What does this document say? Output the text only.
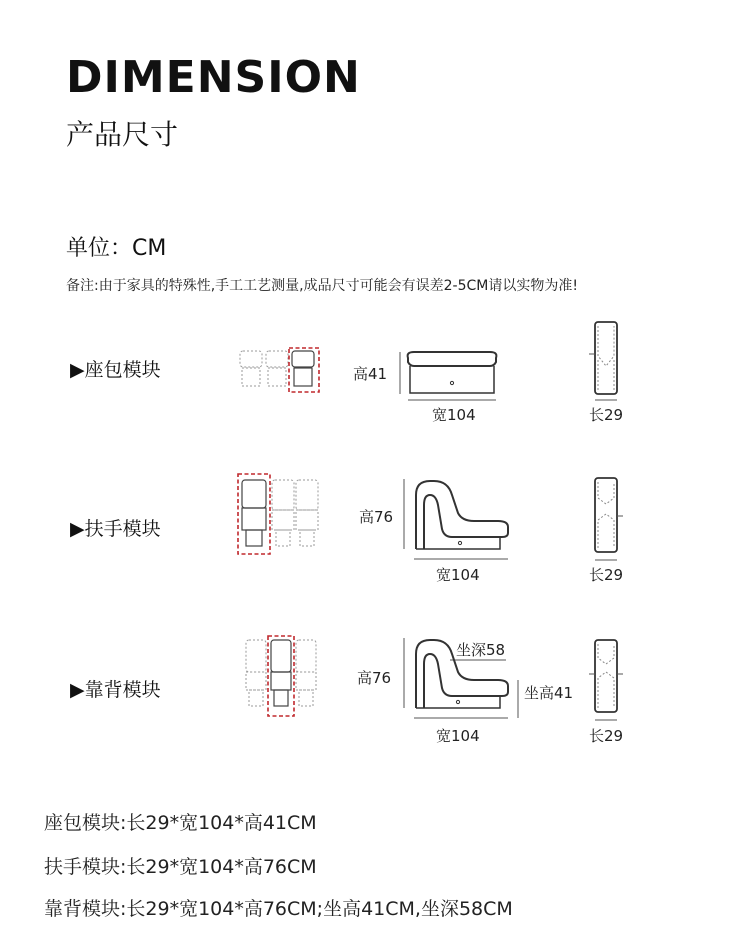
DIMENSION
产品尺寸
单位：CM
备注:由于家具的特殊性,手工工艺测量,成品尺寸可能会有误差2-5CM请以实物为准!
▶座包模块	高41
宽104	长29
▶扶手模块
高76
宽104	长29
▶靠背模块
高76
坐深58
坐高41
宽104	长29
座包模块:长29*宽104*高41CM
扶手模块:长29*宽104*高76CM
靠背模块:长29*宽104*高76CM;坐高41CM,坐深58CM
